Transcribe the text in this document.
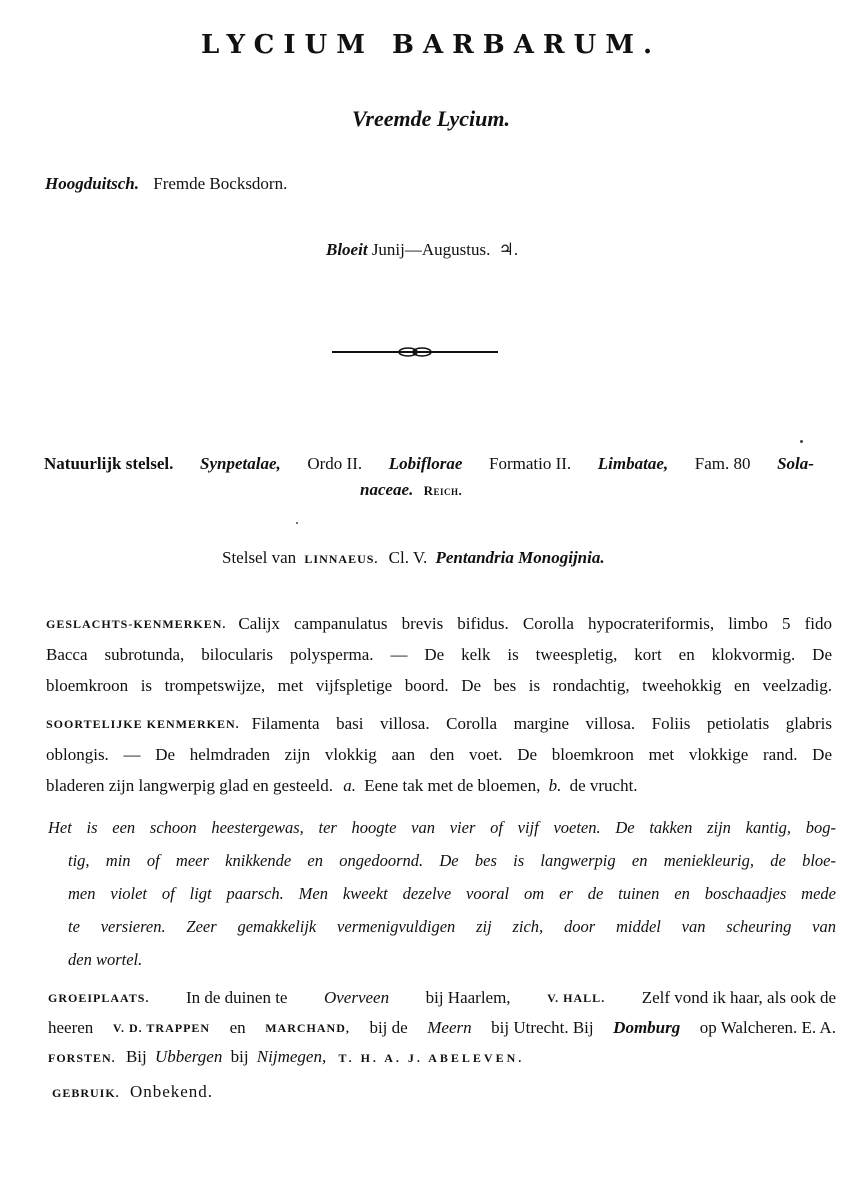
LYCIUM BARBARUM.
Vreemde Lycium.
Hoogduitsch. Fremde Bocksdorn.
Bloeit Junij—Augustus. ♃.
Natuurlijk stelsel. Synpetalae, Ordo II. Lobiflorae Formatio II. Limbatae, Fam. 80 Sola-
naceae. Reich.
Stelsel van LINNAEUS. Cl. V. Pentandria Monogijnia.
GESLACHTS-KENMERKEN. Calijx campanulatus brevis bifidus. Corolla hypocrateriformis, limbo 5 fido
Bacca subrotunda, bilocularis polysperma. — De kelk is tweespletig, kort en klokvormig. De
bloemkroon is trompetswijze, met vijfspletige boord. De bes is rondachtig, tweehokkig en veelzadig.
SOORTELIJKE KENMERKEN. Filamenta basi villosa. Corolla margine villosa. Foliis petiolatis glabris
oblongis. — De helmdraden zijn vlokkig aan den voet. De bloemkroon met vlokkige rand. De
bladeren zijn langwerpig glad en gesteeld. a. Eene tak met de bloemen, b. de vrucht.
Het is een schoon heestergewas, ter hoogte van vier of vijf voeten. De takken zijn kantig, bog-
tig, min of meer knikkende en ongedoornd. De bes is langwerpig en meniekleurig, de bloe-
men violet of ligt paarsch. Men kweekt dezelve vooral om er de tuinen en boschaadjes mede
te versieren. Zeer gemakkelijk vermenigvuldigen zij zich, door middel van scheuring van
den wortel.
GROEIPLAATS. In de duinen te Overveen bij Haarlem,	V. HALL. Zelf vond ik haar, als ook de
heeren V. D. TRAPPEN en MARCHAND, bij de Meern bij Utrecht. Bij Domburg op Walcheren. E. A.
FORSTEN. Bij Ubbergen bij Nijmegen, T. H. A. J. ABELEVEN.
GEBRUIK. Onbekend.
